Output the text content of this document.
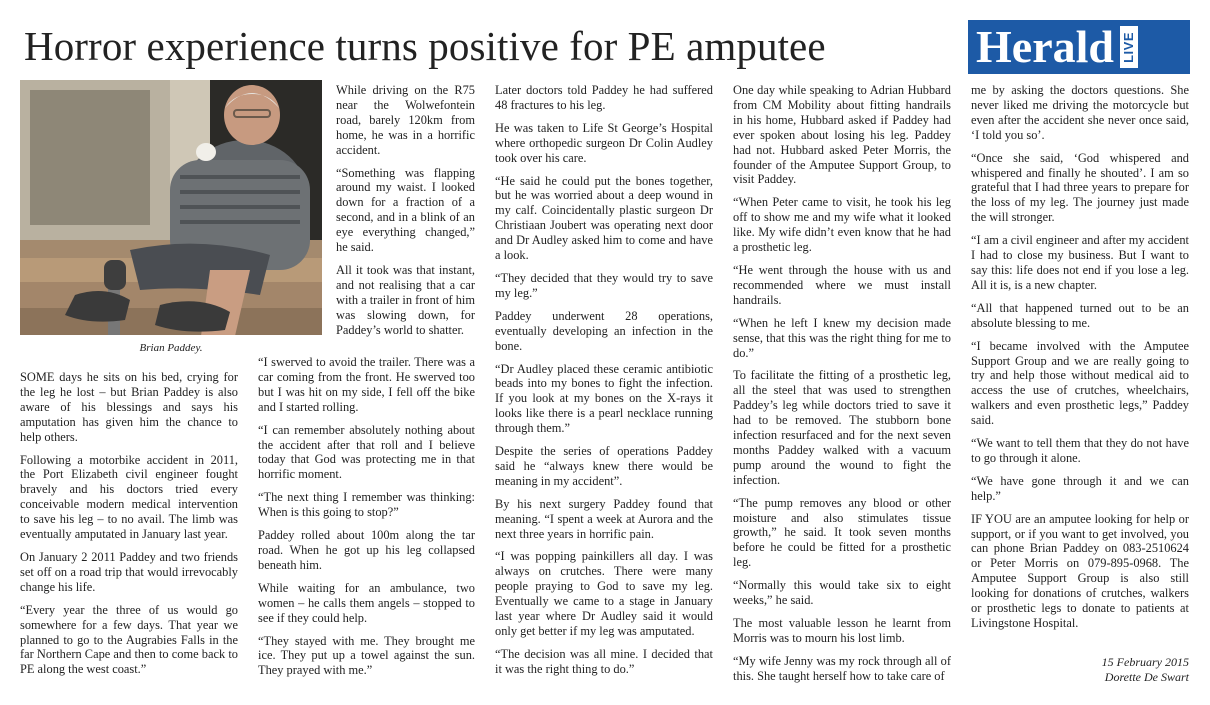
Horror experience turns positive for PE amputee	Herald LIVE
Brian Paddey.

SOME days he sits on his bed, crying for the leg he lost – but Brian Paddey is also aware of his blessings and says his amputation has given him the chance to help others.

Following a motorbike accident in 2011, the Port Elizabeth civil engineer fought bravely and his doctors tried every conceivable modern medical intervention to save his leg – to no avail. The limb was eventually amputated in January last year.

On January 2 2011 Paddey and two friends set off on a road trip that would irrevocably change his life.

“Every year the three of us would go somewhere for a few days. That year we planned to go to the Augrabies Falls in the far Northern Cape and then to come back to PE along the west coast.”

While driving on the R75 near the Wolwefontein road, barely 120km from home, he was in a horrific accident.

“Something was flapping around my waist. I looked down for a fraction of a second, and in a blink of an eye everything changed,” he said.

All it took was that instant, and not realising that a car with a trailer in front of him was slowing down, for Paddey’s world to shatter.

“I swerved to avoid the trailer. There was a car coming from the front. He swerved too but I was hit on my side, I fell off the bike and I started rolling.

“I can remember absolutely nothing about the accident after that roll and I believe today that God was protecting me in that horrific moment.

“The next thing I remember was thinking: When is this going to stop?”

Paddey rolled about 100m along the tar road. When he got up his leg collapsed beneath him.

While waiting for an ambulance, two women – he calls them angels – stopped to see if they could help.

“They stayed with me. They brought me ice. They put up a towel against the sun. They prayed with me.”

Later doctors told Paddey he had suffered 48 fractures to his leg.

He was taken to Life St George’s Hospital where orthopedic surgeon Dr Colin Audley took over his care.

“He said he could put the bones together, but he was worried about a deep wound in my calf. Coincidentally plastic surgeon Dr Christiaan Joubert was operating next door and Dr Audley asked him to come and have a look.

“They decided that they would try to save my leg.”

Paddey underwent 28 operations, eventually developing an infection in the bone.

“Dr Audley placed these ceramic antibiotic beads into my bones to fight the infection. If you look at my bones on the X-rays it looks like there is a pearl necklace running through them.”

Despite the series of operations Paddey said he “always knew there would be meaning in my accident”.

By his next surgery Paddey found that meaning. “I spent a week at Aurora and the next three years in horrific pain.

“I was popping painkillers all day. I was always on crutches. There were many people praying to God to save my leg. Eventually we came to a stage in January last year where Dr Audley said it would only get better if my leg was amputated.

“The decision was all mine. I decided that it was the right thing to do.”

One day while speaking to Adrian Hubbard from CM Mobility about fitting handrails in his home, Hubbard asked if Paddey had ever spoken about losing his leg. Paddey had not. Hubbard asked Peter Morris, the founder of the Amputee Support Group, to visit Paddey.

“When Peter came to visit, he took his leg off to show me and my wife what it looked like. My wife didn’t even know that he had a prosthetic leg.

“He went through the house with us and recommended where we must install handrails.

“When he left I knew my decision made sense, that this was the right thing for me to do.”

To facilitate the fitting of a prosthetic leg, all the steel that was used to strengthen Paddey’s leg while doctors tried to save it had to be removed. The stubborn bone infection resurfaced and for the next seven months Paddey walked with a vacuum pump around the wound to fight the infection.

“The pump removes any blood or other moisture and also stimulates tissue growth,” he said. It took seven months before he could be fitted for a prosthetic leg.

“Normally this would take six to eight weeks,” he said.

The most valuable lesson he learnt from Morris was to mourn his lost limb.

“My wife Jenny was my rock through all of this. She taught herself how to take care of

me by asking the doctors questions. She never liked me driving the motorcycle but even after the accident she never once said, ‘I told you so’.

“Once she said, ‘God whispered and whispered and finally he shouted’. I am so grateful that I had three years to prepare for the loss of my leg. The journey just made the will stronger.

“I am a civil engineer and after my accident I had to close my business. But I want to say this: life does not end if you lose a leg. All it is, is a new chapter.

“All that happened turned out to be an absolute blessing to me.

“I became involved with the Amputee Support Group and we are really going to try and help those without medical aid to access the use of crutches, wheelchairs, walkers and even prosthetic legs,” Paddey said.

“We want to tell them that they do not have to go through it alone.

“We have gone through it and we can help.”

IF YOU are an amputee looking for help or support, or if you want to get involved, you can phone Brian Paddey on 083-2510624 or Peter Morris on 079-895-0968. The Amputee Support Group is also still looking for donations of crutches, walkers or prosthetic legs to donate to patients at Livingstone Hospital.

15 February 2015
Dorette De Swart
